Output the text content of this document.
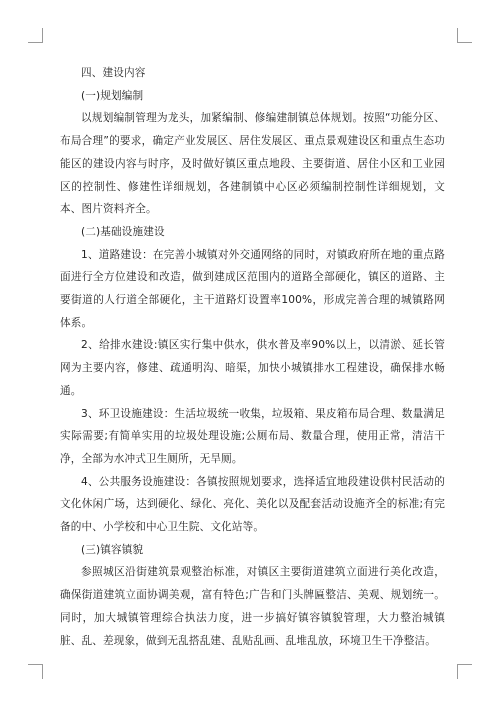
四、建设内容

(一)规划编制

以规划编制管理为龙头，加紧编制、修编建制镇总体规划。按照“功能分区、布局合理”的要求，确定产业发展区、居住发展区、重点景观建设区和重点生态功能区的建设内容与时序，及时做好镇区重点地段、主要街道、居住小区和工业园区的控制性、修建性详细规划，各建制镇中心区必须编制控制性详细规划，文本、图片资料齐全。

(二)基础设施建设

1、道路建设：在完善小城镇对外交通网络的同时，对镇政府所在地的重点路面进行全方位建设和改造，做到建成区范围内的道路全部硬化，镇区的道路、主要街道的人行道全部硬化，主干道路灯设置率100%，形成完善合理的城镇路网体系。

2、给排水建设:镇区实行集中供水，供水普及率90%以上，以清淤、延长管网为主要内容，修建、疏通明沟、暗渠，加快小城镇排水工程建设，确保排水畅通。

3、环卫设施建设：生活垃圾统一收集，垃圾箱、果皮箱布局合理、数量满足实际需要;有简单实用的垃圾处理设施;公厕布局、数量合理，使用正常，清洁干净，全部为水冲式卫生厕所，无旱厕。

4、公共服务设施建设：各镇按照规划要求，选择适宜地段建设供村民活动的文化休闲广场，达到硬化、绿化、亮化、美化以及配套活动设施齐全的标准;有完备的中、小学校和中心卫生院、文化站等。

(三)镇容镇貌

参照城区沿街建筑景观整治标准，对镇区主要街道建筑立面进行美化改造，确保街道建筑立面协调美观，富有特色;广告和门头牌匾整洁、美观、规划统一。同时，加大城镇管理综合执法力度，进一步搞好镇容镇貌管理，大力整治城镇脏、乱、差现象，做到无乱搭乱建、乱贴乱画、乱堆乱放，环境卫生干净整洁。
